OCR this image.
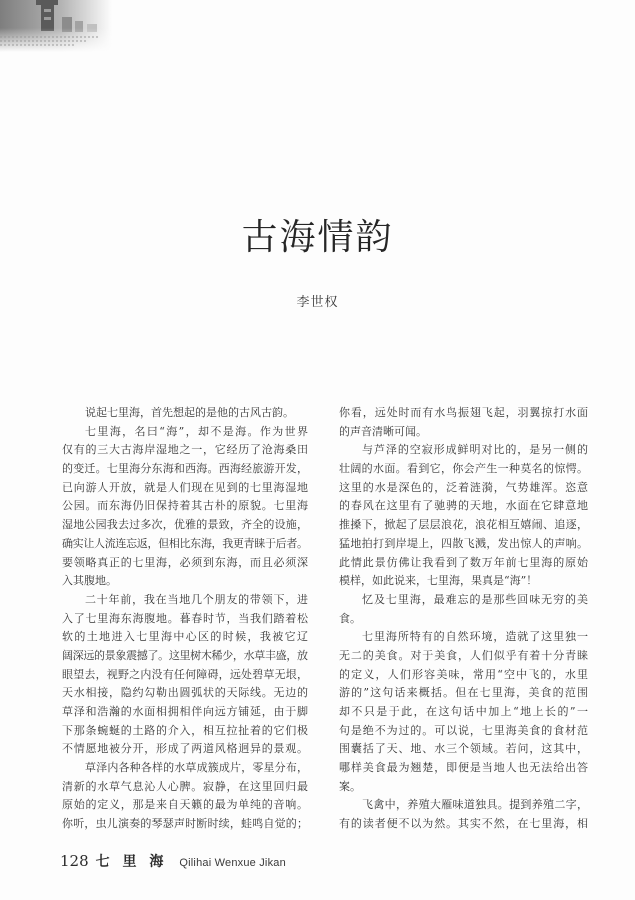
古海情韵
李世权
说起七里海，首先想起的是他的古风古韵。
七里海，名曰“海”，却不是海。作为世界
仅有的三大古海岸湿地之一，它经历了沧海桑田
的变迁。七里海分东海和西海。西海经旅游开发，
已向游人开放，就是人们现在见到的七里海湿地
公园。而东海仍旧保持着其古朴的原貌。七里海
湿地公园我去过多次，优雅的景致，齐全的设施，
确实让人流连忘返，但相比东海，我更青睐于后者。
要领略真正的七里海，必须到东海，而且必须深
入其腹地。
二十年前，我在当地几个朋友的带领下，进
入了七里海东海腹地。暮春时节，当我们踏着松
软的土地进入七里海中心区的时候，我被它辽
阔深远的景象震撼了。这里树木稀少，水草丰盛，放
眼望去，视野之内没有任何障碍，远处碧草无垠，
天水相接，隐约勾勒出圆弧状的天际线。无边的
草泽和浩瀚的水面相拥相伴向远方铺延，由于脚
下那条蜿蜒的土路的介入，相互拉扯着的它们极
不情愿地被分开，形成了两道风格迥异的景观。
草泽内各种各样的水草成簇成片，零星分布，
清新的水草气息沁人心脾。寂静，在这里回归最
原始的定义，那是来自天籁的最为单纯的音响。
你听，虫儿演奏的琴瑟声时断时续，蛙鸣自觉的；
你看，远处时而有水鸟振翅飞起，羽翼掠打水面
的声音清晰可闻。
与芦泽的空寂形成鲜明对比的，是另一侧的
壮阔的水面。看到它，你会产生一种莫名的惊愕。
这里的水是深色的，泛着涟漪，气势雄浑。恣意
的春风在这里有了驰骋的天地，水面在它肆意地
推搡下，掀起了层层浪花，浪花相互嬉闹、追逐，
猛地拍打到岸堤上，四散飞溅，发出惊人的声响。
此情此景仿佛让我看到了数万年前七里海的原始
模样，如此说来，七里海，果真是“海”！
忆及七里海，最难忘的是那些回味无穷的美
食。
七里海所特有的自然环境，造就了这里独一
无二的美食。对于美食，人们似乎有着十分青睐
的定义，人们形容美味，常用“空中飞的，水里
游的”这句话来概括。但在七里海，美食的范围
却不只是于此，在这句话中加上“地上长的”一
句是绝不为过的。可以说，七里海美食的食材范
围囊括了天、地、水三个领域。若问，这其中，
哪样美食最为翘楚，即便是当地人也无法给出答
案。
飞禽中，养殖大雁味道独具。提到养殖二字，
有的读者便不以为然。其实不然，在七里海，相
128 七 里 海 Qilihai Wenxue Jikan
